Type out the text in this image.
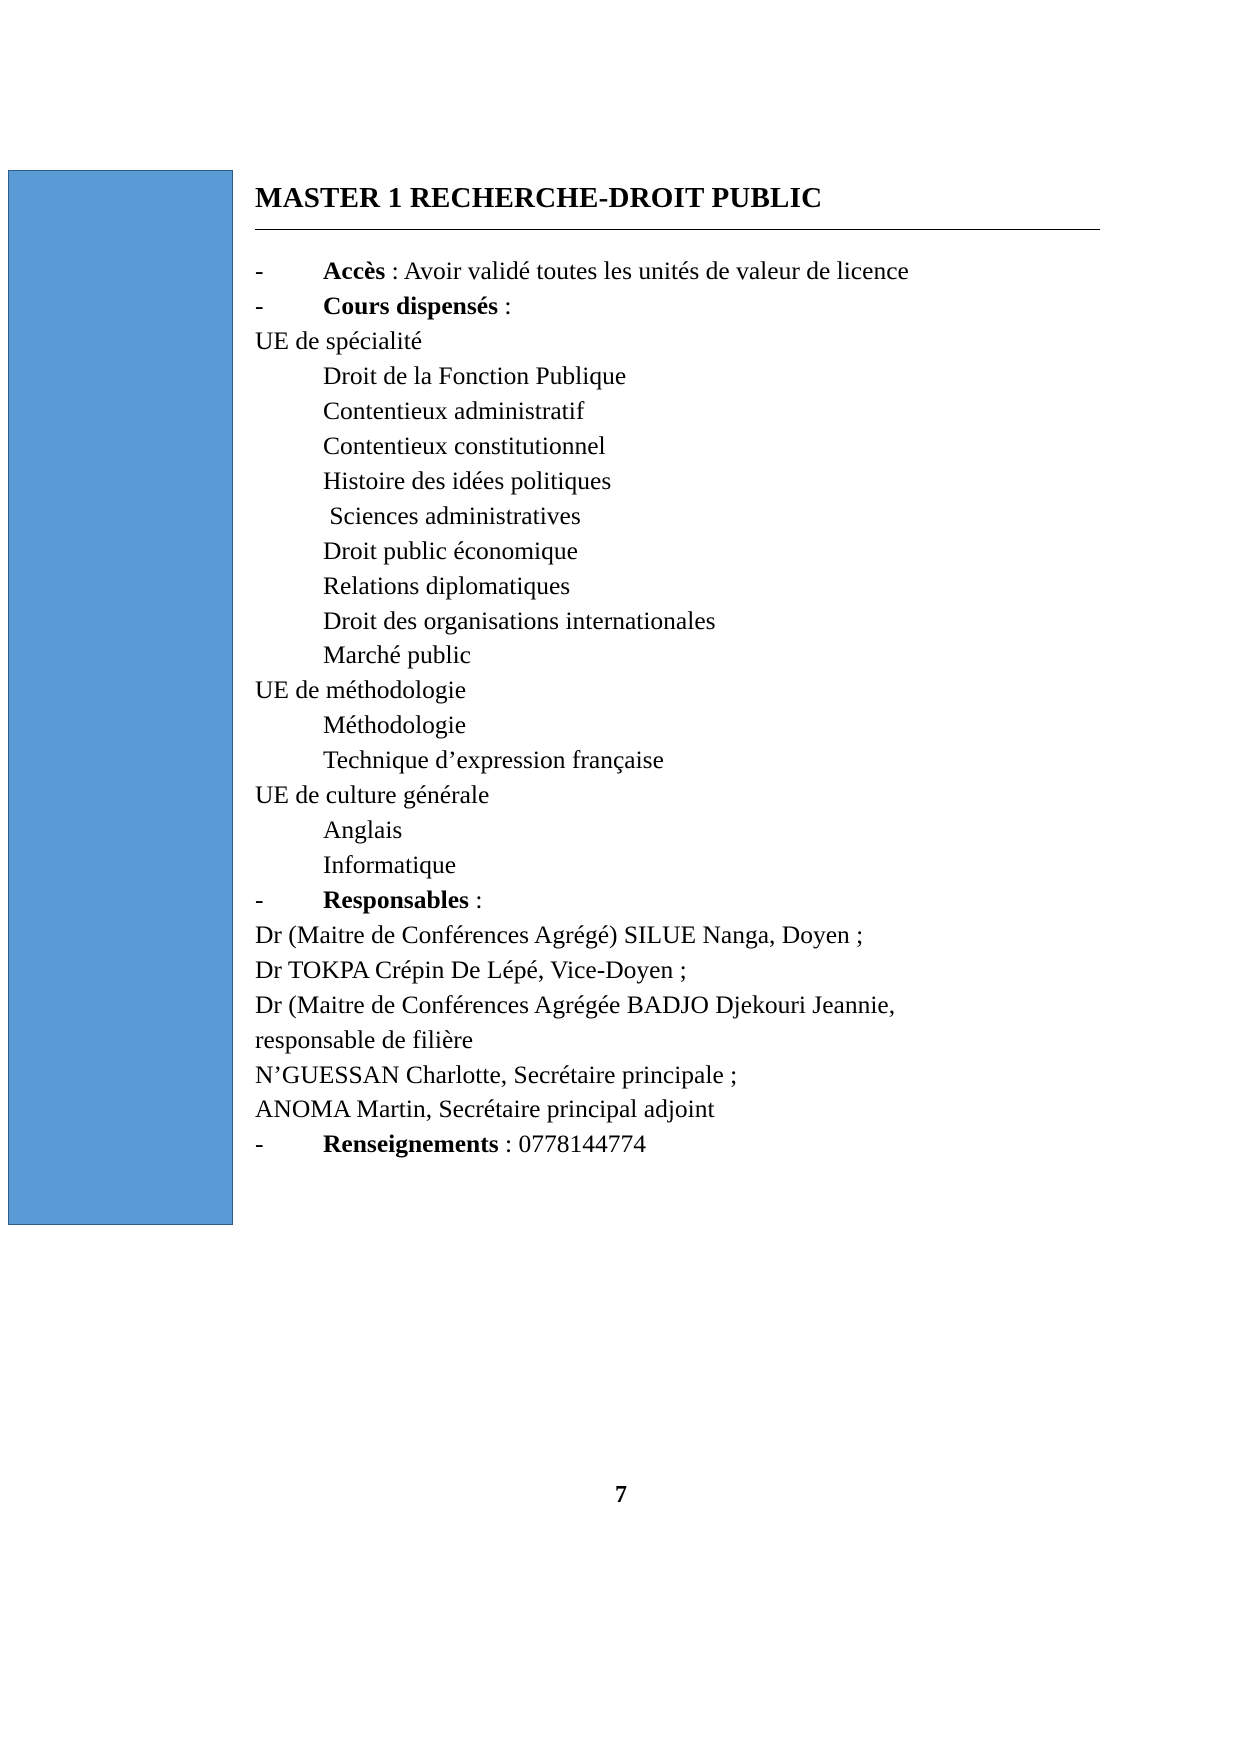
MASTER 1 RECHERCHE-DROIT PUBLIC
- Accès : Avoir validé toutes les unités de valeur de licence
- Cours dispensés :
UE de spécialité
Droit de la Fonction Publique
Contentieux administratif
Contentieux constitutionnel
Histoire des idées politiques
Sciences administratives
Droit public économique
Relations diplomatiques
Droit des organisations internationales
Marché public
UE de méthodologie
Méthodologie
Technique d’expression française
UE de culture générale
Anglais
Informatique
- Responsables :
Dr (Maitre de Conférences Agrégé) SILUE Nanga, Doyen ;
Dr TOKPA Crépin De Lépé, Vice-Doyen ;
Dr (Maitre de Conférences Agrégée BADJO Djekouri Jeannie,
responsable de filière
N’GUESSAN Charlotte, Secrétaire principale ;
ANOMA Martin, Secrétaire principal adjoint
- Renseignements : 0778144774
7
